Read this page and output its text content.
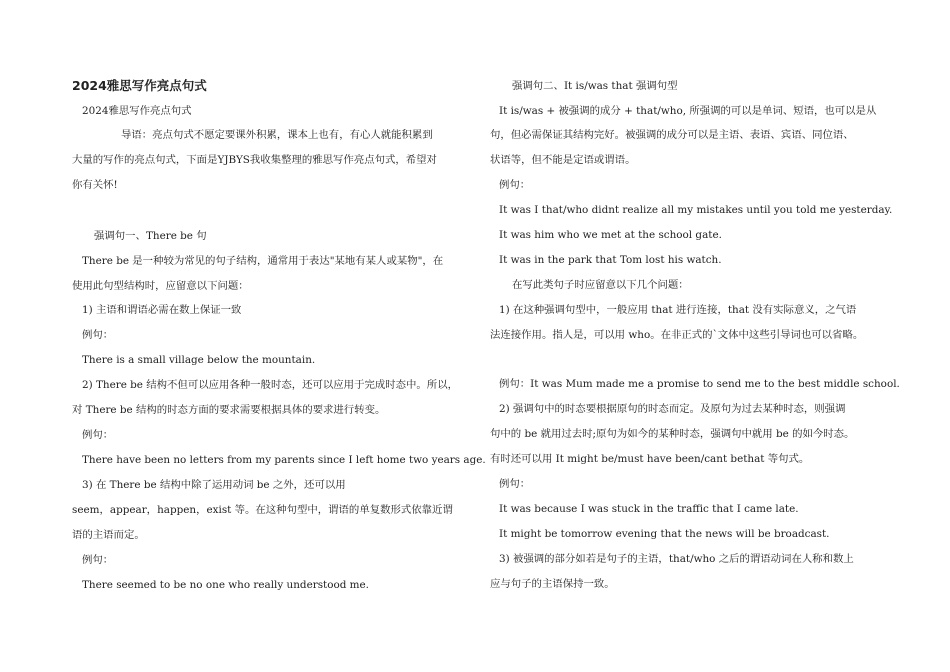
2024雅思写作亮点句式
2024雅思写作亮点句式
导语：亮点句式不愿定要课外积累，课本上也有，有心人就能积累到
大量的写作的亮点句式，下面是YJBYS我收集整理的雅思写作亮点句式，希望对
你有关怀!
强调句一、There be 句
There be 是一种较为常见的句子结构，通常用于表达"某地有某人或某物"，在
使用此句型结构时，应留意以下问题：
1) 主语和谓语必需在数上保证一致
例句：
There is a small village below the mountain.
2) There be 结构不但可以应用各种一般时态，还可以应用于完成时态中。所以，
对 There be 结构的时态方面的要求需要根据具体的要求进行转变。
例句：
There have been no letters from my parents since I left home two years age.
3) 在 There be 结构中除了运用动词 be 之外，还可以用
seem，appear，happen，exist 等。在这种句型中，谓语的单复数形式依靠近谓
语的主语而定。
例句：
There seemed to be no one who really understood me.
强调句二、It is/was that 强调句型
It is/was + 被强调的成分 + that/who, 所强调的可以是单词、短语，也可以是从
句，但必需保证其结构完好。被强调的成分可以是主语、表语、宾语、同位语、
状语等，但不能是定语或谓语。
例句：
It was I that/who didnt realize all my mistakes until you told me yesterday.
It was him who we met at the school gate.
It was in the park that Tom lost his watch.
在写此类句子时应留意以下几个问题：
1) 在这种强调句型中，一般应用 that 进行连接，that 没有实际意义，之气语
法连接作用。指人是，可以用 who。在非正式的`文体中这些引导词也可以省略。
例句：It was Mum made me a promise to send me to the best middle school.
2) 强调句中的时态要根据原句的时态而定。及原句为过去某种时态，则强调
句中的 be 就用过去时;原句为如今的某种时态，强调句中就用 be 的如今时态。
有时还可以用 It might be/must have been/cant bethat 等句式。
例句：
It was because I was stuck in the traffic that I came late.
It might be tomorrow evening that the news will be broadcast.
3) 被强调的部分如若是句子的主语，that/who 之后的谓语动词在人称和数上
应与句子的主语保持一致。
